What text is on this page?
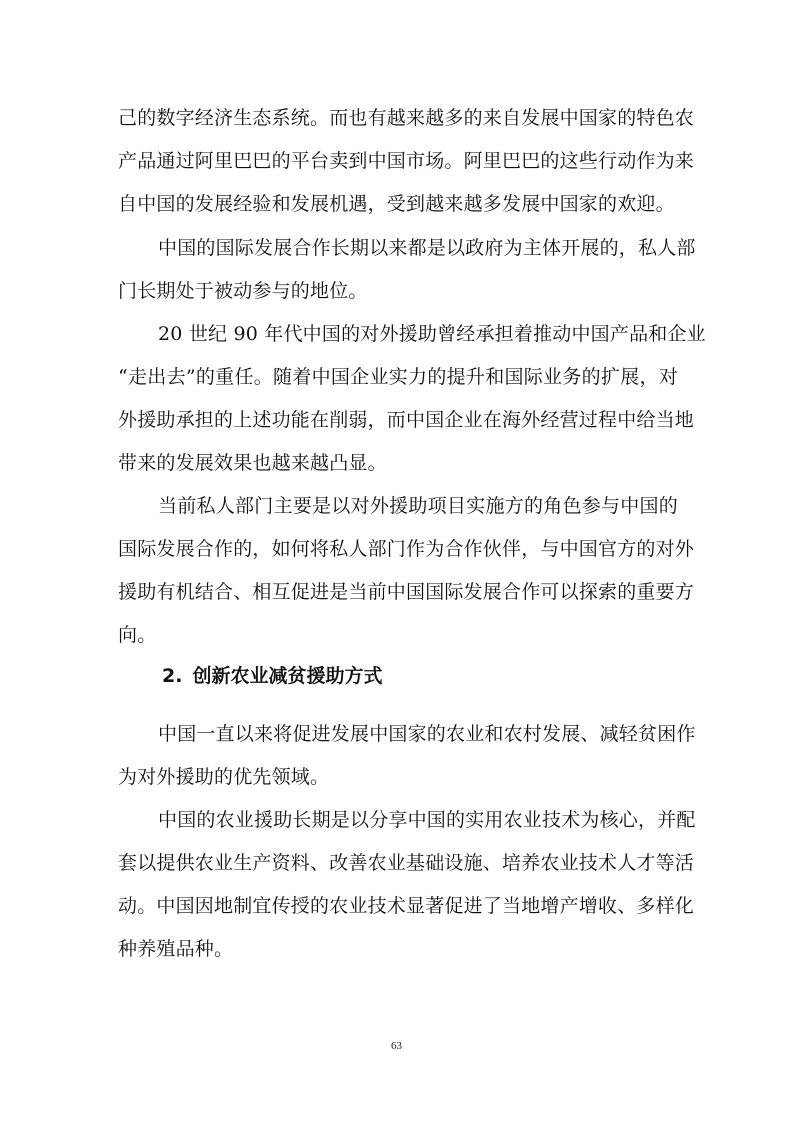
己的数字经济生态系统。而也有越来越多的来自发展中国家的特色农
产品通过阿里巴巴的平台卖到中国市场。阿里巴巴的这些行动作为来
自中国的发展经验和发展机遇，受到越来越多发展中国家的欢迎。
中国的国际发展合作长期以来都是以政府为主体开展的，私人部
门长期处于被动参与的地位。
20 世纪 90 年代中国的对外援助曾经承担着推动中国产品和企业
“走出去”的重任。随着中国企业实力的提升和国际业务的扩展，对
外援助承担的上述功能在削弱，而中国企业在海外经营过程中给当地
带来的发展效果也越来越凸显。
当前私人部门主要是以对外援助项目实施方的角色参与中国的
国际发展合作的，如何将私人部门作为合作伙伴，与中国官方的对外
援助有机结合、相互促进是当前中国国际发展合作可以探索的重要方
向。
2. 创新农业减贫援助方式
中国一直以来将促进发展中国家的农业和农村发展、减轻贫困作
为对外援助的优先领域。
中国的农业援助长期是以分享中国的实用农业技术为核心，并配
套以提供农业生产资料、改善农业基础设施、培养农业技术人才等活
动。中国因地制宜传授的农业技术显著促进了当地增产增收、多样化
种养殖品种。
63
